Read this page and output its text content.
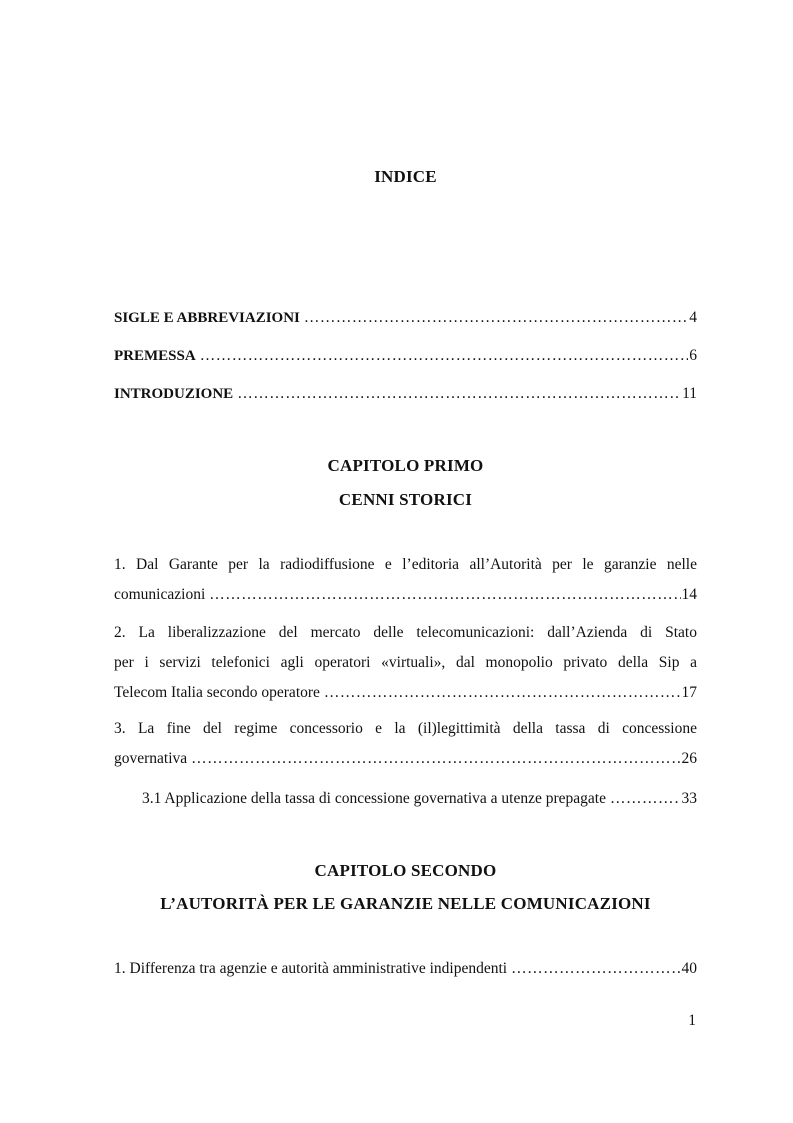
INDICE
SIGLE E ABBREVIAZIONI ……………………………………………………………………………………………………………………………………………………………………………………………………………………………………	4
PREMESSA ……………………………………………………………………………………………………………………………………………………………………………………………………………………………………	6
INTRODUZIONE ……………………………………………………………………………………………………………………………………………………………………………………………………………………………………	11
CAPITOLO PRIMO
CENNI STORICI
1. Dal Garante per la radiodiffusione e l’editoria all’Autorità per le garanzie nelle
comunicazioni ……………………………………………………………………………………………………………………………………………………………………………………………………………………………………	14
2. La liberalizzazione del mercato delle telecomunicazioni: dall’Azienda di Stato
per i servizi telefonici agli operatori «virtuali», dal monopolio privato della Sip a
Telecom Italia secondo operatore ……………………………………………………………………………………………………………………………………………………………………………………………………………………………………	17
3. La fine del regime concessorio e la (il)legittimità della tassa di concessione
governativa ……………………………………………………………………………………………………………………………………………………………………………………………………………………………………	26
3.1 Applicazione della tassa di concessione governativa a utenze prepagate ……………………………………………………………………………………………………………………………………………………………………………………………………………………………………	33
CAPITOLO SECONDO
L’AUTORITÀ PER LE GARANZIE NELLE COMUNICAZIONI
1. Differenza tra agenzie e autorità amministrative indipendenti ……………………………………………………………………………………………………………………………………………………………………………………………………………………………………	40
1
